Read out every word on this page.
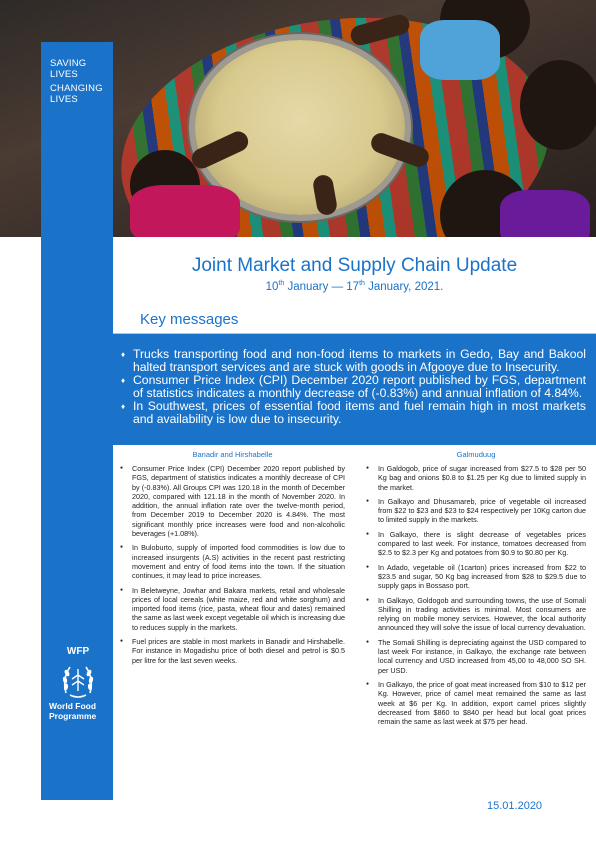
SAVING
LIVES
CHANGING
LIVES
WFP
World Food Programme
Joint Market and Supply Chain Update
10th January — 17th January, 2021.
Key messages
♦ Trucks transporting food and non-food items to markets in Gedo, Bay and Bakool halted transport services and are stuck with goods in Afgooye due to Insecurity.
♦ Consumer Price Index (CPI) December 2020 report published by FGS, department of statistics indicates a monthly decrease of (-0.83%) and annual inflation of 4.84%.
♦ In Southwest, prices of essential food items and fuel remain high in most markets and availability is low due to insecurity.
Banadir and Hirshabelle
● Consumer Price Index (CPI) December 2020 report published by FGS, department of statistics indicates a monthly decrease of CPI by (-0.83%). All Groups CPI was 120.18 in the month of December 2020, compared with 121.18 in the month of November 2020. In addition, the annual inflation rate over the twelve-month period, from December 2019 to December 2020 is 4.84%. The most significant monthly price increases were food and non-alcoholic beverages (+1.08%).
● In Buloburto, supply of imported food commodities is low due to increased insurgents (A.S) activities in the recent past restricting movement and entry of food items into the town. If the situation continues, it may lead to price increases.
● In Beletweyne, Jowhar and Bakara markets, retail and wholesale prices of local cereals (white maize, red and white sorghum) and imported food items (rice, pasta, wheat flour and dates) remained the same as last week except vegetable oil which is increasing due to reduces supply in the markets.
● Fuel prices are stable in most markets in Banadir and Hirshabelle. For instance in Mogadishu price of both diesel and petrol is $0.5 per litre for the last seven weeks.
Galmuduug
● In Galdogob, price of sugar increased from $27.5 to $28 per 50 Kg bag and onions $0.8 to $1.25 per Kg due to limited supply in the market.
● In Galkayo and Dhusamareb, price of vegetable oil increased from $22 to $23 and $23 to $24 respectively per 10Kg carton due to limited supply in the markets.
● In Galkayo, there is slight decrease of vegetables prices compared to last week. For instance, tomatoes decreased from $2.5 to $2.3 per Kg and potatoes from $0.9 to $0.80 per Kg.
● In Adado, vegetable oil (1carton) prices increased from $22 to $23.5 and sugar, 50 Kg bag increased from $28 to $29.5 due to supply gaps in Bossaso port.
● In Galkayo, Goldogob and surrounding towns, the use of Somali Shilling in trading activities is minimal. Most consumers are relying on mobile money services. However, the local authority announced they will solve the issue of local currency devaluation.
● The Somali Shilling is depreciating against the USD compared to last week For instance, in Galkayo, the exchange rate between local currency and USD increased from 45,00 to 48,000 SO SH. per USD.
● In Galkayo, the price of goat meat increased from $10 to $12 per Kg. However, price of camel meat remained the same as last week at $6 per Kg. In addition, export camel prices slightly decreased from $860 to $840 per head but local goat prices remain the same as last week at $75 per head.
15.01.2020
